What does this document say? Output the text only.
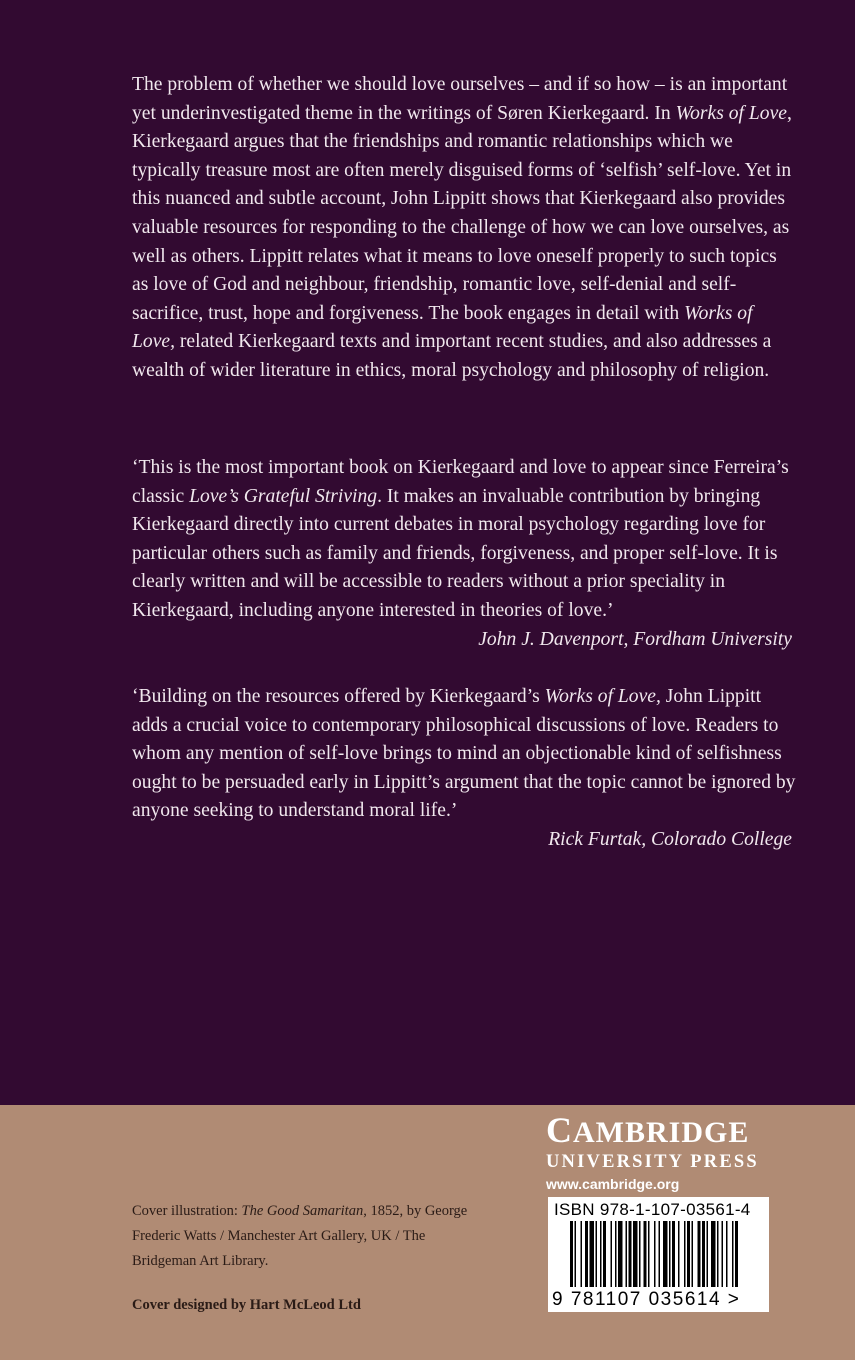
The problem of whether we should love ourselves – and if so how – is an important yet underinvestigated theme in the writings of Søren Kierkegaard. In Works of Love, Kierkegaard argues that the friendships and romantic relationships which we typically treasure most are often merely disguised forms of ‘selfish’ self-love. Yet in this nuanced and subtle account, John Lippitt shows that Kierkegaard also provides valuable resources for responding to the challenge of how we can love ourselves, as well as others. Lippitt relates what it means to love oneself properly to such topics as love of God and neighbour, friendship, romantic love, self-denial and self-sacrifice, trust, hope and forgiveness. The book engages in detail with Works of Love, related Kierkegaard texts and important recent studies, and also addresses a wealth of wider literature in ethics, moral psychology and philosophy of religion.

‘This is the most important book on Kierkegaard and love to appear since Ferreira’s classic Love’s Grateful Striving. It makes an invaluable contribution by bringing Kierkegaard directly into current debates in moral psychology regarding love for particular others such as family and friends, forgiveness, and proper self-love. It is clearly written and will be accessible to readers without a prior speciality in Kierkegaard, including anyone interested in theories of love.’
John J. Davenport, Fordham University

‘Building on the resources offered by Kierkegaard’s Works of Love, John Lippitt adds a crucial voice to contemporary philosophical discussions of love. Readers to whom any mention of self-love brings to mind an objectionable kind of selfishness ought to be persuaded early in Lippitt’s argument that the topic cannot be ignored by anyone seeking to understand moral life.’
Rick Furtak, Colorado College

CAMBRIDGE
UNIVERSITY PRESS
www.cambridge.org

Cover illustration: The Good Samaritan, 1852, by George Frederic Watts / Manchester Art Gallery, UK / The Bridgeman Art Library.

Cover designed by Hart McLeod Ltd

ISBN 978-1-107-03561-4
9 781107 035614 >
